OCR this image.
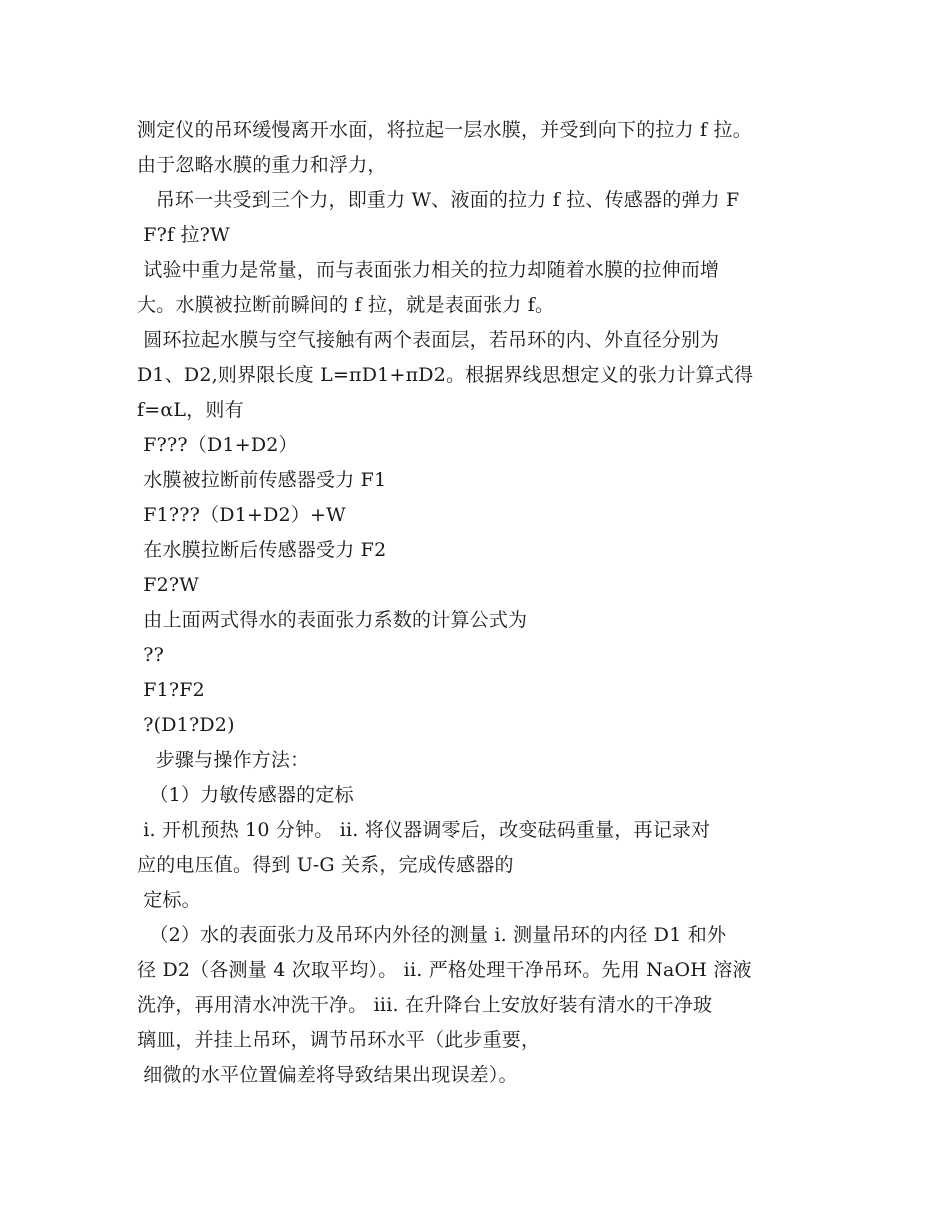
测定仪的吊环缓慢离开水面，将拉起一层水膜，并受到向下的拉力 f 拉。
由于忽略水膜的重力和浮力，
吊环一共受到三个力，即重力 W、液面的拉力 f 拉、传感器的弹力 F
F?f 拉?W
试验中重力是常量，而与表面张力相关的拉力却随着水膜的拉伸而增
大。水膜被拉断前瞬间的 f 拉，就是表面张力 f。
圆环拉起水膜与空气接触有两个表面层，若吊环的内、外直径分别为
D1、D2,则界限长度 L=πD1+πD2。根据界线思想定义的张力计算式得
f=αL，则有
F???（D1+D2）
水膜被拉断前传感器受力 F1
F1???（D1+D2）+W
在水膜拉断后传感器受力 F2
F2?W
由上面两式得水的表面张力系数的计算公式为
??
F1?F2
?(D1?D2)
步骤与操作方法：
（1）力敏传感器的定标
i. 开机预热 10 分钟。 ii. 将仪器调零后，改变砝码重量，再记录对
应的电压值。得到 U-G 关系，完成传感器的
定标。
（2）水的表面张力及吊环内外径的测量 i. 测量吊环的内径 D1 和外
径 D2（各测量 4 次取平均）。 ii. 严格处理干净吊环。先用 NaOH 溶液
洗净，再用清水冲洗干净。 iii. 在升降台上安放好装有清水的干净玻
璃皿，并挂上吊环，调节吊环水平（此步重要，
细微的水平位置偏差将导致结果出现误差）。
